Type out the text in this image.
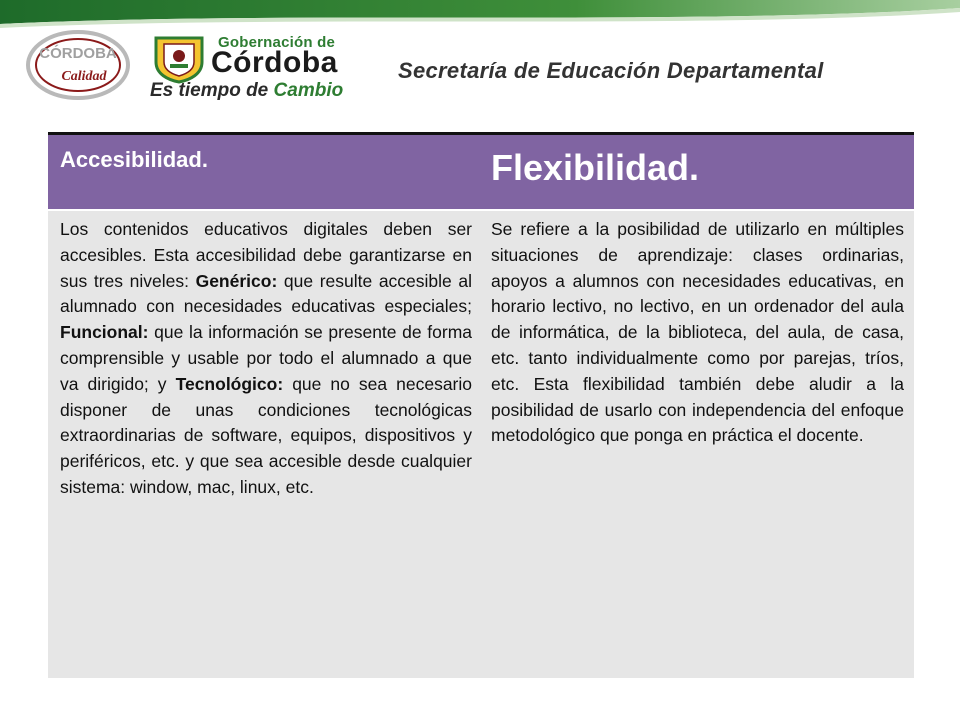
CÓRDOBA
Calidad
Gobernación de
Córdoba
Es tiempo de Cambio
Secretaría de Educación Departamental
Accesibilidad.	Flexibilidad.
Los contenidos educativos digitales deben ser accesibles. Esta accesibilidad debe garantizarse en sus tres niveles: Genérico: que resulte accesible al alumnado con necesidades educativas especiales; Funcional: que la información se presente de forma comprensible y usable por todo el alumnado a que va dirigido; y Tecnológico: que no sea necesario disponer de unas condiciones tecnológicas extraordinarias de software, equipos, dispositivos y periféricos, etc. y que sea accesible desde cualquier sistema: window, mac, linux, etc.
Se refiere a la posibilidad de utilizarlo en múltiples situaciones de aprendizaje: clases ordinarias, apoyos a alumnos con necesidades educativas, en horario lectivo, no lectivo, en un ordenador del aula de informática, de la biblioteca, del aula, de casa, etc. tanto individualmente como por parejas, tríos, etc. Esta flexibilidad también debe aludir a la posibilidad de usarlo con independencia del enfoque metodológico que ponga en práctica el docente.
